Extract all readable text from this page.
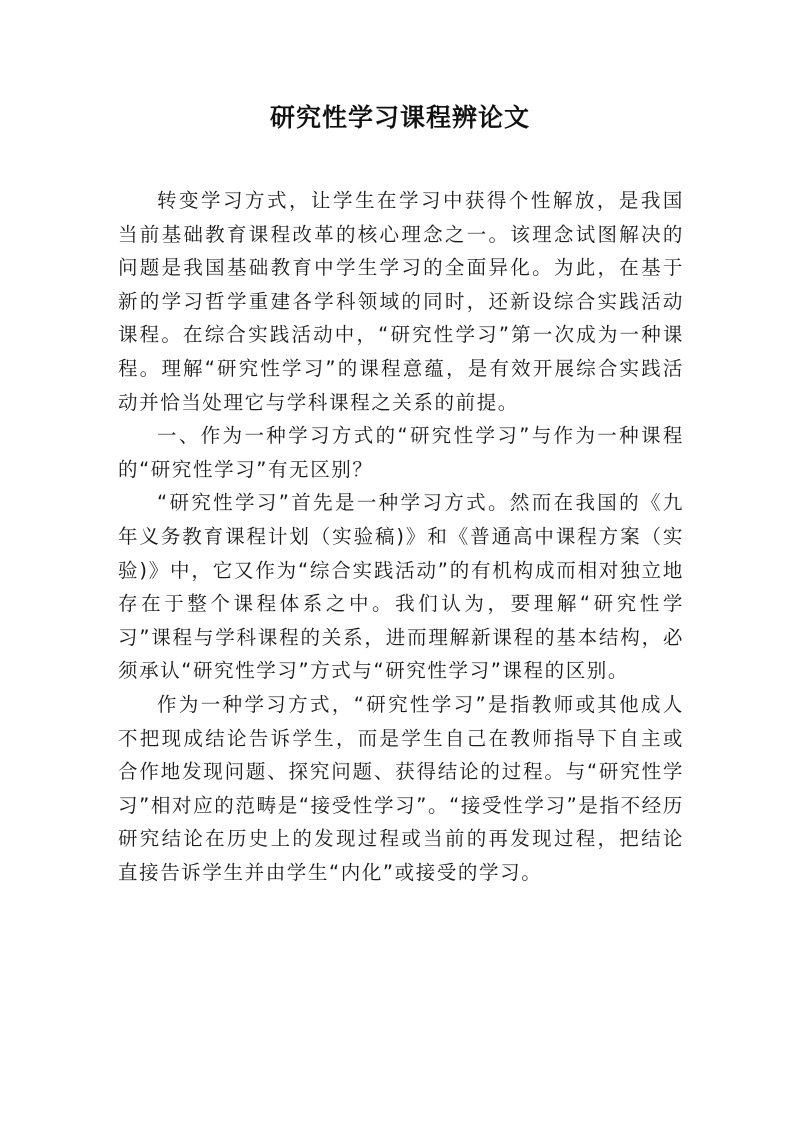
研究性学习课程辨论文

转变学习方式，让学生在学习中获得个性解放，是我国当前基础教育课程改革的核心理念之一。该理念试图解决的问题是我国基础教育中学生学习的全面异化。为此，在基于新的学习哲学重建各学科领域的同时，还新设综合实践活动课程。在综合实践活动中，“研究性学习”第一次成为一种课程。理解“研究性学习”的课程意蕴，是有效开展综合实践活动并恰当处理它与学科课程之关系的前提。

一、作为一种学习方式的“研究性学习”与作为一种课程的“研究性学习”有无区别？

“研究性学习”首先是一种学习方式。然而在我国的《九年义务教育课程计划（实验稿)》和《普通高中课程方案（实验)》中，它又作为“综合实践活动”的有机构成而相对独立地存在于整个课程体系之中。我们认为，要理解“研究性学习”课程与学科课程的关系，进而理解新课程的基本结构，必须承认“研究性学习”方式与“研究性学习”课程的区别。

作为一种学习方式，“研究性学习”是指教师或其他成人不把现成结论告诉学生，而是学生自己在教师指导下自主或合作地发现问题、探究问题、获得结论的过程。与“研究性学习”相对应的范畴是“接受性学习”。“接受性学习”是指不经历研究结论在历史上的发现过程或当前的再发现过程，把结论直接告诉学生并由学生“内化”或接受的学习。
